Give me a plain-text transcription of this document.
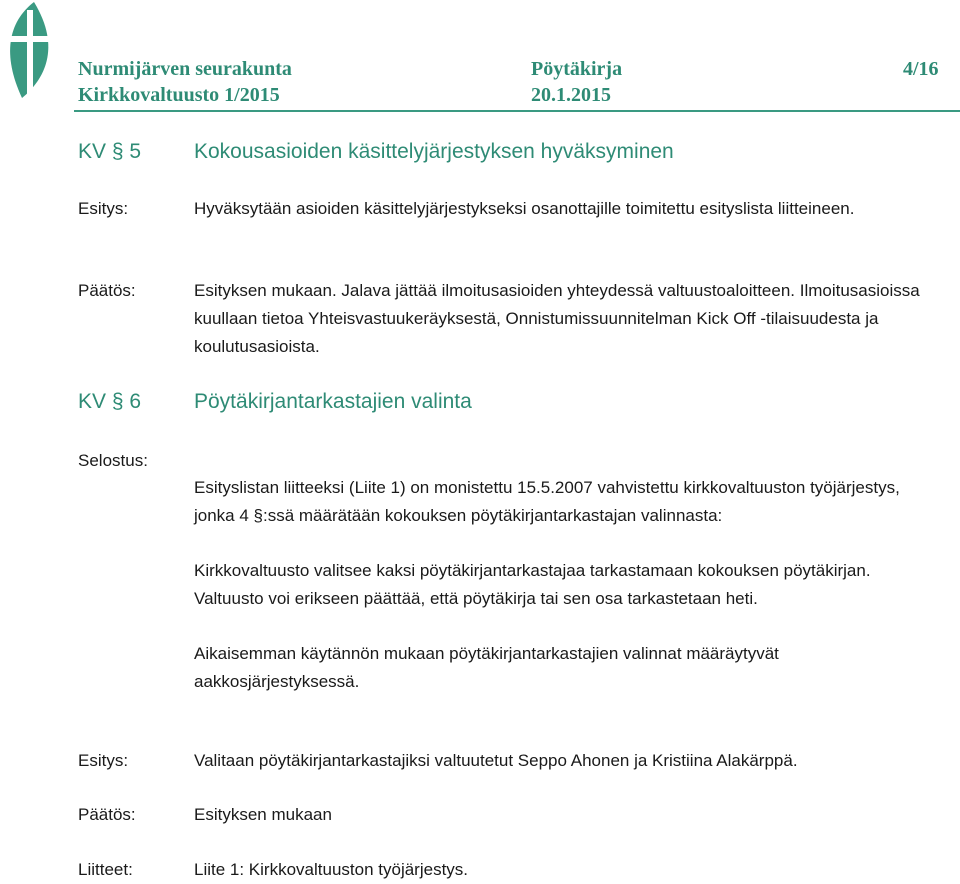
Nurmijärven seurakunta	Pöytäkirja	4/16
Kirkkovaltuusto 1/2015	20.1.2015
KV § 5	Kokousasioiden käsittelyjärjestyksen hyväksyminen
Esitys:	Hyväksytään asioiden käsittelyjärjestykseksi osanottajille toimitettu esityslista liitteineen.
Päätös:	Esityksen mukaan. Jalava jättää ilmoitusasioiden yhteydessä valtuustoaloitteen. Ilmoitusasioissa kuullaan tietoa Yhteisvastuukeräyksestä, Onnistumissuunnitelman Kick Off -tilaisuudesta ja koulutusasioista.
KV § 6	Pöytäkirjantarkastajien valinta
Selostus:

Esityslistan liitteeksi (Liite 1) on monistettu 15.5.2007 vahvistettu kirkkovaltuuston työjärjestys, jonka 4 §:ssä määrätään kokouksen pöytäkirjantarkastajan valinnasta:

Kirkkovaltuusto valitsee kaksi pöytäkirjantarkastajaa tarkastamaan kokouksen pöytäkirjan. Valtuusto voi erikseen päättää, että pöytäkirja tai sen osa tarkastetaan heti.

Aikaisemman käytännön mukaan pöytäkirjantarkastajien valinnat määräytyvät aakkosjärjestyksessä.

Esitys:	Valitaan pöytäkirjantarkastajiksi valtuutetut Seppo Ahonen ja Kristiina Alakärppä.
Päätös:	Esityksen mukaan
Liitteet:	Liite 1: Kirkkovaltuuston työjärjestys.
